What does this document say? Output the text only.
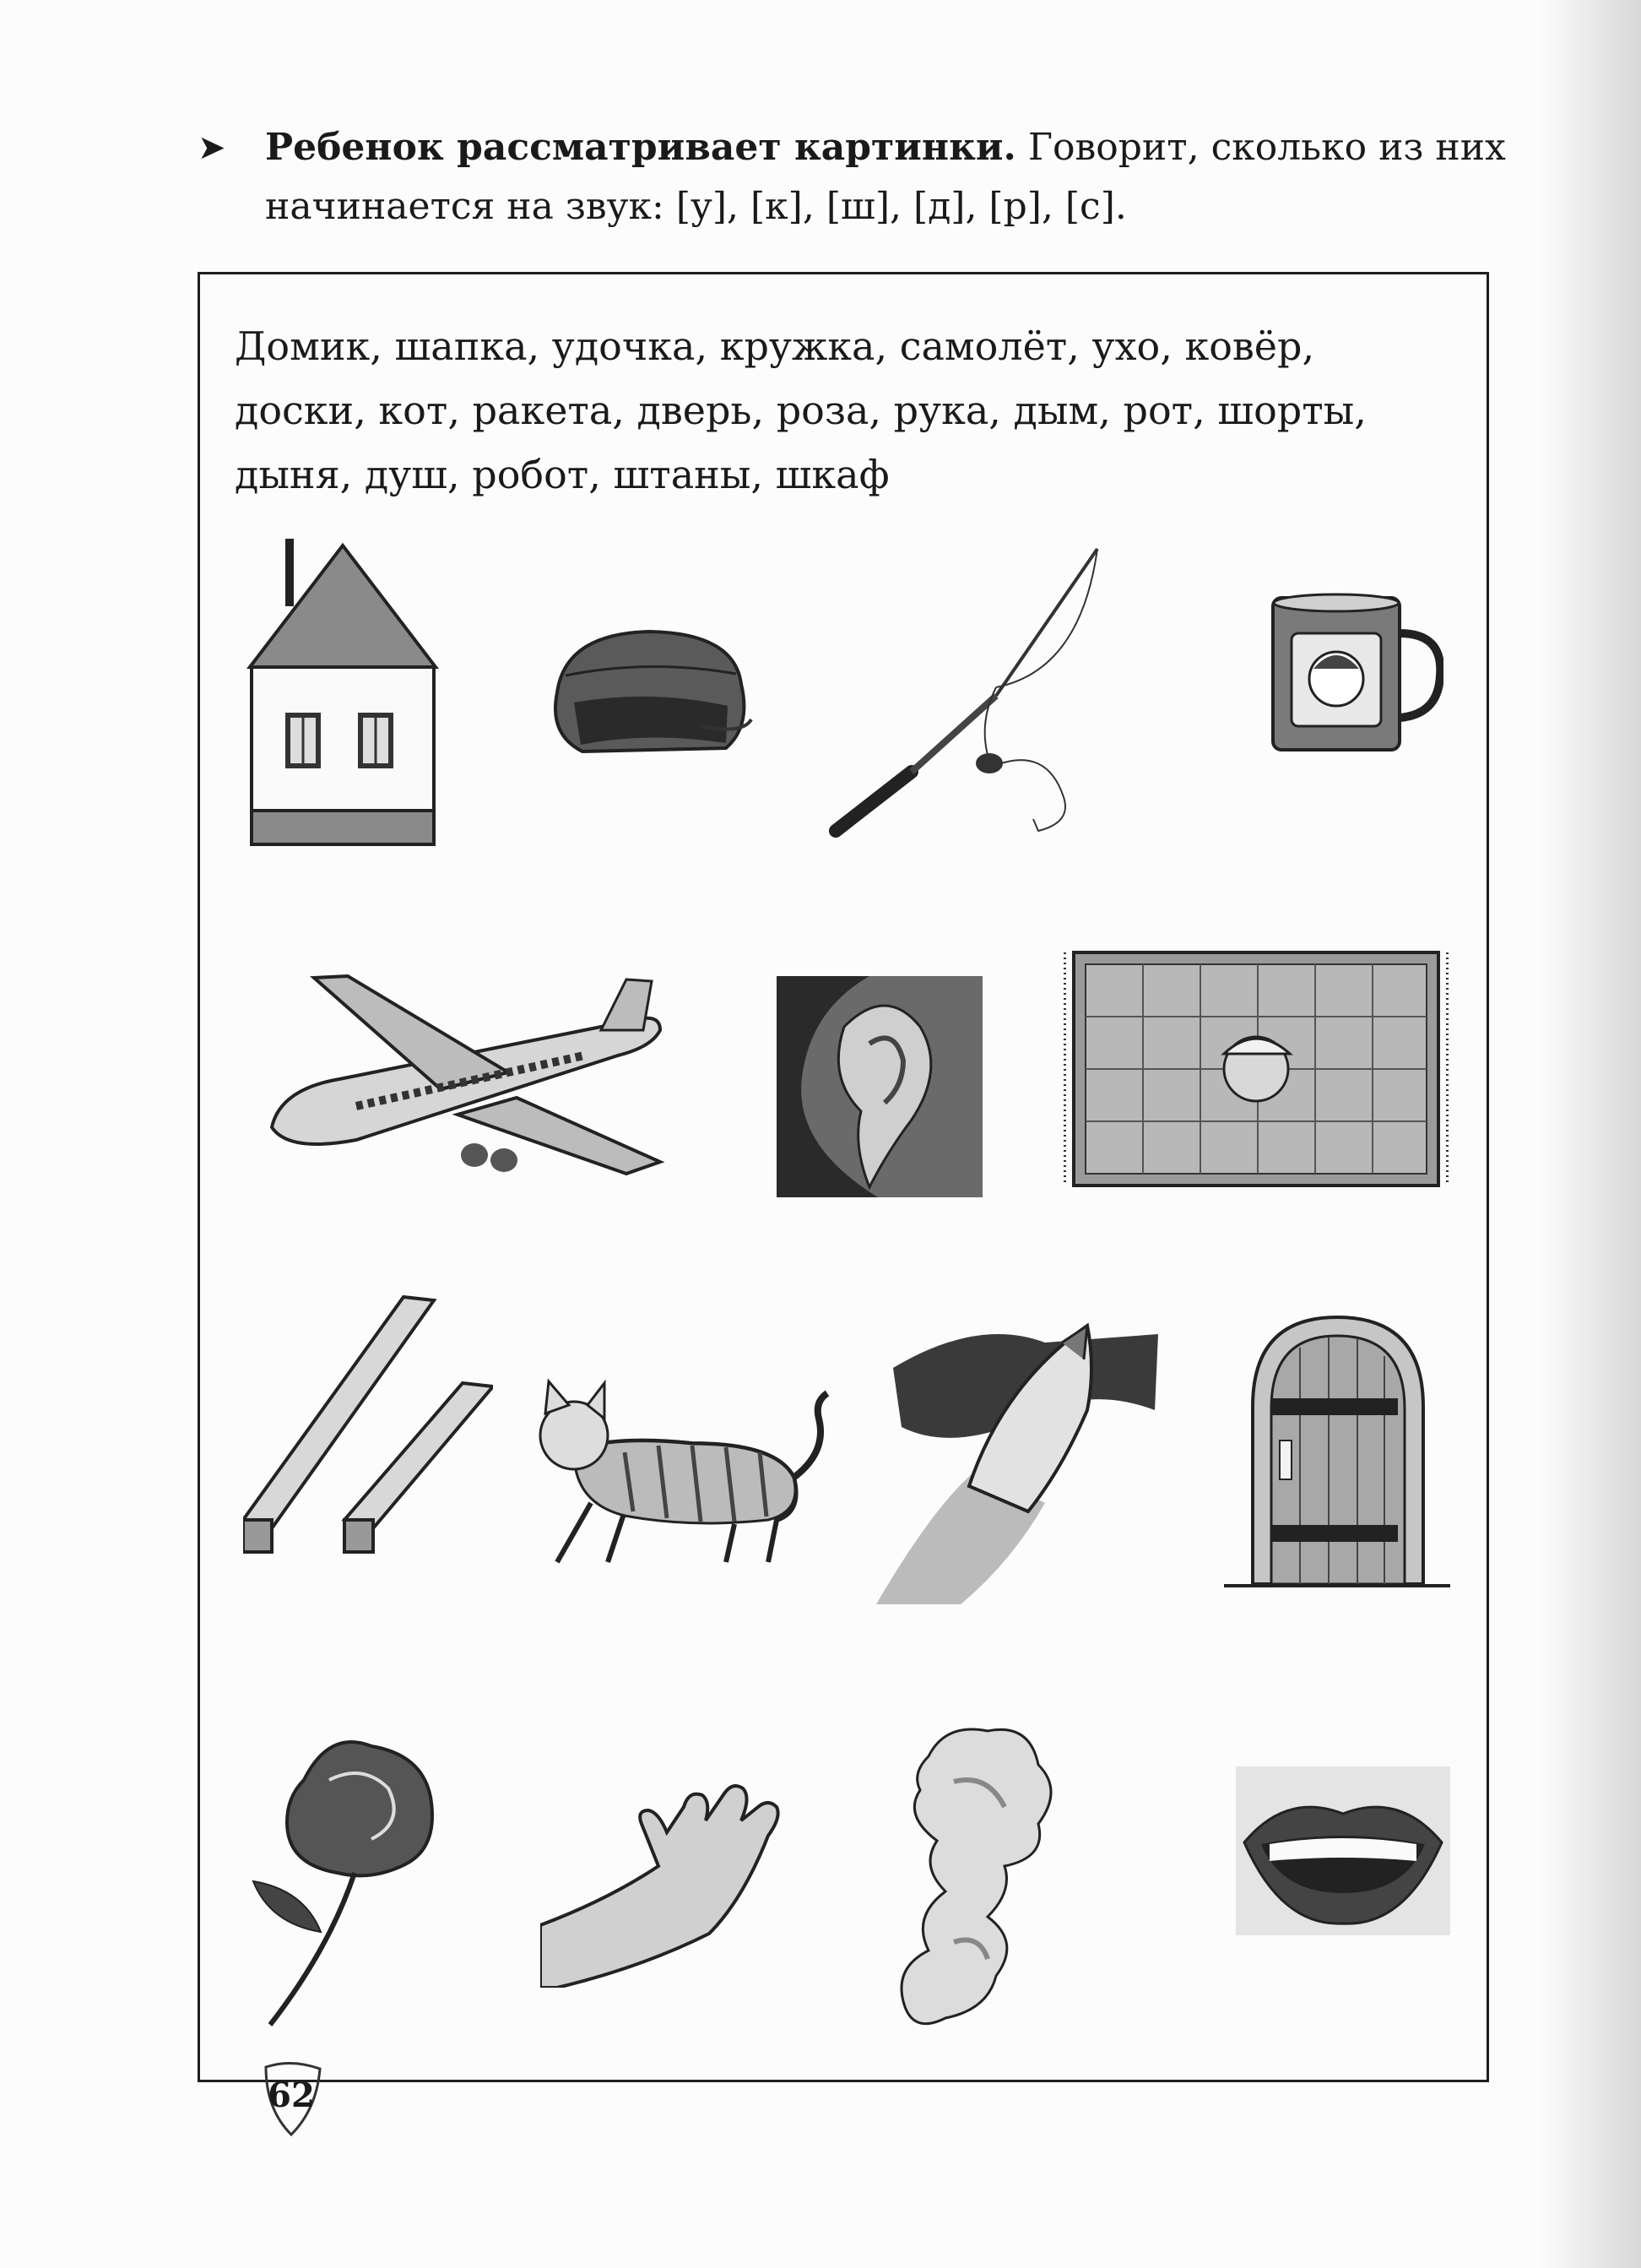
➤ Ребенок рассматривает картинки. Говорит, сколько из них начинается на звук: [у], [к], [ш], [д], [р], [с].
Домик, шапка, удочка, кружка, самолёт, ухо, ковёр, доски, кот, ракета, дверь, роза, рука, дым, рот, шорты, дыня, душ, робот, штаны, шкаф
62
